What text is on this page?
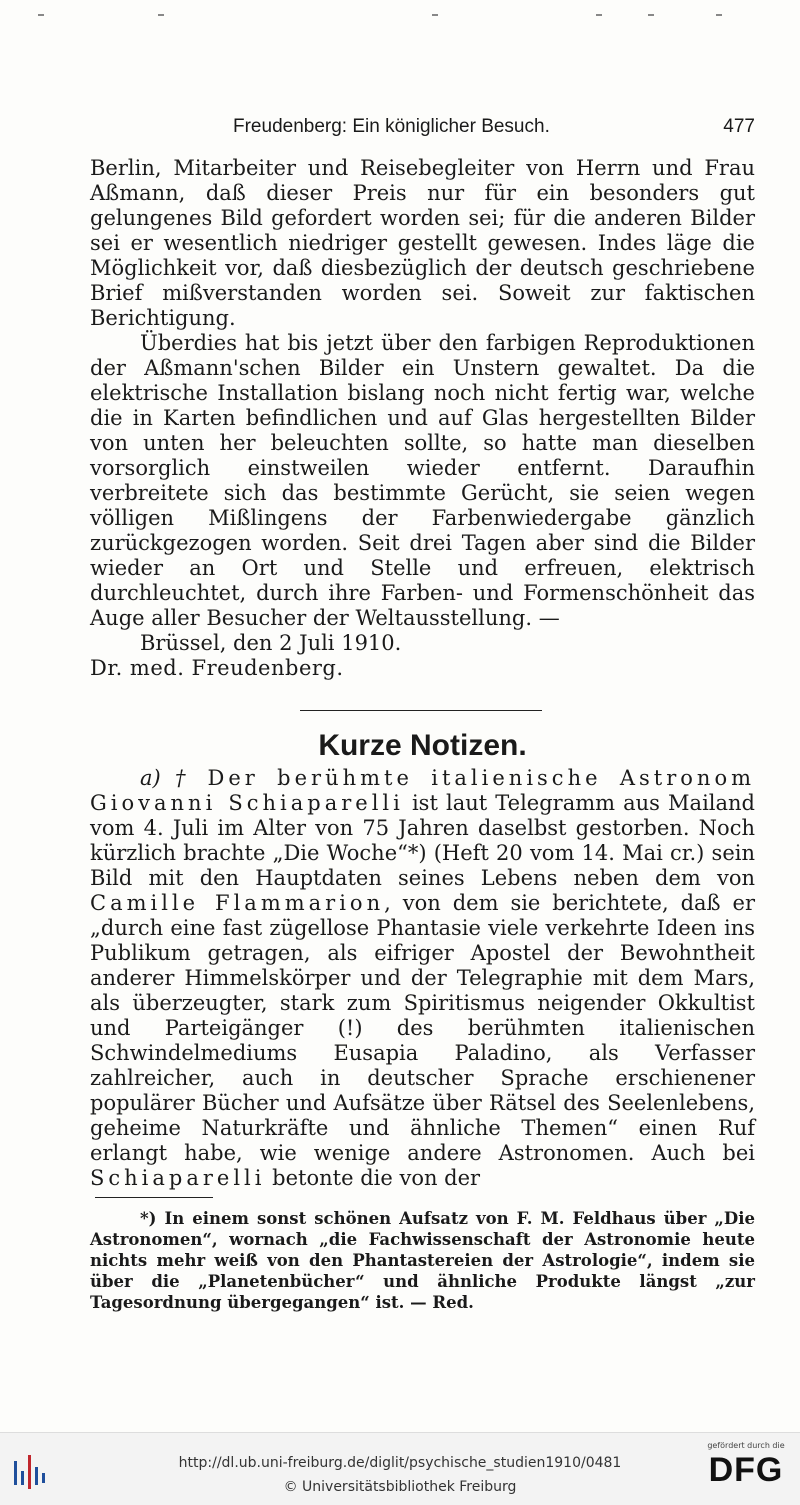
Freudenberg: Ein königlicher Besuch.	477

Berlin, Mitarbeiter und Reisebegleiter von Herrn und Frau Aßmann, daß dieser Preis nur für ein besonders gut gelungenes Bild gefordert worden sei; für die anderen Bilder sei er wesentlich niedriger gestellt gewesen. Indes läge die Möglichkeit vor, daß diesbezüglich der deutsch geschriebene Brief mißverstanden worden sei. Soweit zur faktischen Berichtigung.

Überdies hat bis jetzt über den farbigen Reproduktionen der Aßmann'schen Bilder ein Unstern gewaltet. Da die elektrische Installation bislang noch nicht fertig war, welche die in Karten befindlichen und auf Glas hergestellten Bilder von unten her beleuchten sollte, so hatte man dieselben vorsorglich einstweilen wieder entfernt. Daraufhin verbreitete sich das bestimmte Gerücht, sie seien wegen völligen Mißlingens der Farbenwiedergabe gänzlich zurückgezogen worden. Seit drei Tagen aber sind die Bilder wieder an Ort und Stelle und erfreuen, elektrisch durchleuchtet, durch ihre Farben- und Formenschönheit das Auge aller Besucher der Weltausstellung. —

Brüssel, den 2 Juli 1910.

Dr. med. Freudenberg.

Kurze Notizen.

a) † Der berühmte italienische Astronom Giovanni Schiaparelli ist laut Telegramm aus Mailand vom 4. Juli im Alter von 75 Jahren daselbst gestorben. Noch kürzlich brachte „Die Woche“*) (Heft 20 vom 14. Mai cr.) sein Bild mit den Hauptdaten seines Lebens neben dem von Camille Flammarion, von dem sie berichtete, daß er „durch eine fast zügellose Phantasie viele verkehrte Ideen ins Publikum getragen, als eifriger Apostel der Bewohntheit anderer Himmelskörper und der Telegraphie mit dem Mars, als überzeugter, stark zum Spiritismus neigender Okkultist und Parteigänger (!) des berühmten italienischen Schwindelmediums Eusapia Paladino, als Verfasser zahlreicher, auch in deutscher Sprache erschienener populärer Bücher und Aufsätze über Rätsel des Seelenlebens, geheime Naturkräfte und ähnliche Themen“ einen Ruf erlangt habe, wie wenige andere Astronomen. Auch bei Schiaparelli betonte die von der

*) In einem sonst schönen Aufsatz von F. M. Feldhaus über „Die Astronomen“, wornach „die Fachwissenschaft der Astronomie heute nichts mehr weiß von den Phantastereien der Astrologie“, indem sie über die „Planetenbücher“ und ähnliche Produkte längst „zur Tagesordnung übergegangen“ ist. — Red.

http://dl.ub.uni-freiburg.de/diglit/psychische_studien1910/0481
© Universitätsbibliothek Freiburg
gefördert durch die
DFG
